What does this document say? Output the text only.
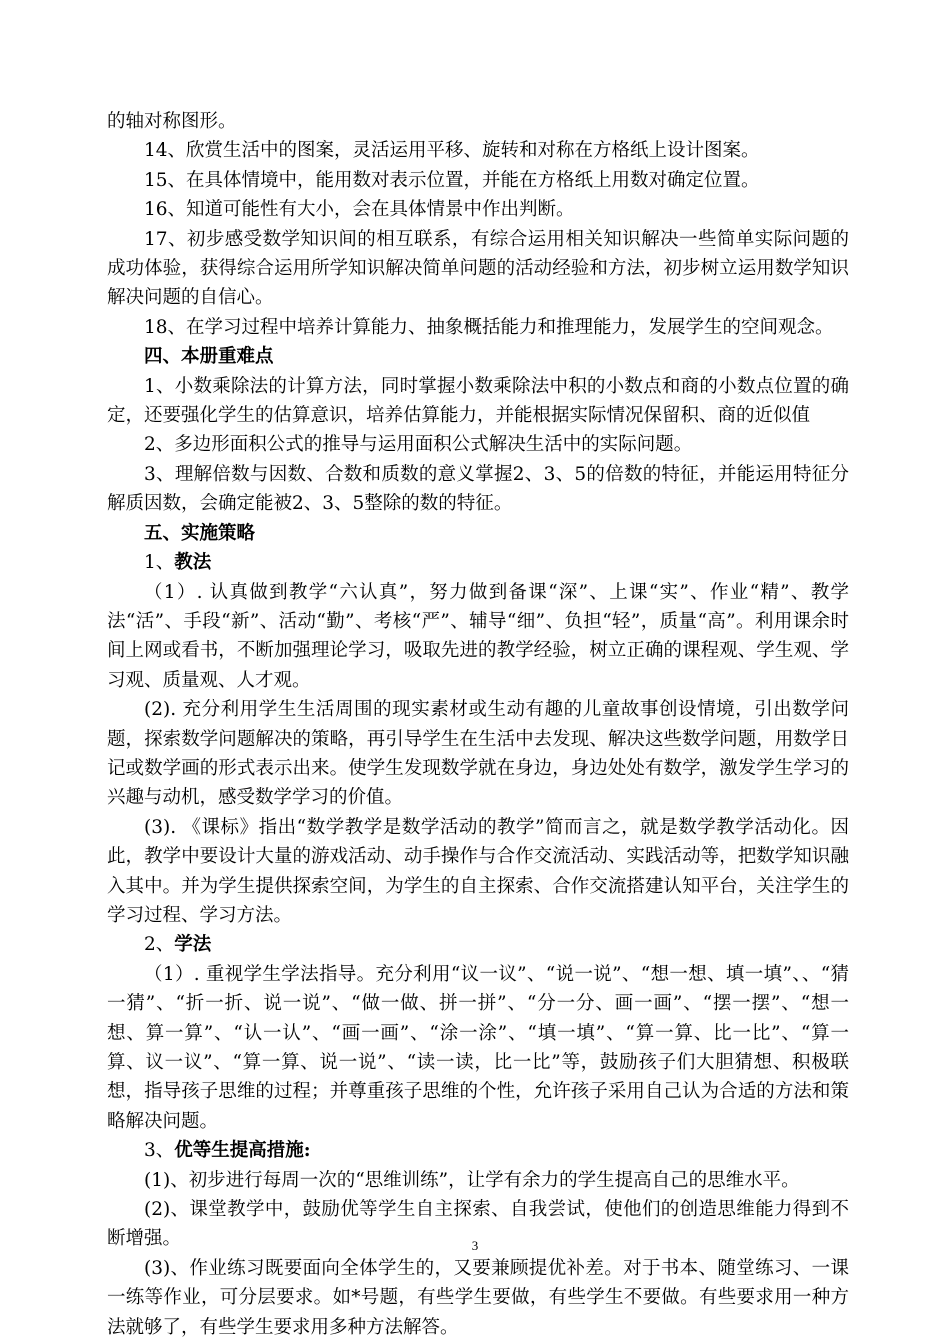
的轴对称图形。

14、欣赏生活中的图案，灵活运用平移、旋转和对称在方格纸上设计图案。

15、在具体情境中，能用数对表示位置，并能在方格纸上用数对确定位置。

16、知道可能性有大小，会在具体情景中作出判断。

17、初步感受数学知识间的相互联系，有综合运用相关知识解决一些简单实际问题的成功体验，获得综合运用所学知识解决简单问题的活动经验和方法，初步树立运用数学知识解决问题的自信心。

18、在学习过程中培养计算能力、抽象概括能力和推理能力，发展学生的空间观念。

四、本册重难点

1、小数乘除法的计算方法，同时掌握小数乘除法中积的小数点和商的小数点位置的确定，还要强化学生的估算意识，培养估算能力，并能根据实际情况保留积、商的近似值

2、多边形面积公式的推导与运用面积公式解决生活中的实际问题。

3、理解倍数与因数、合数和质数的意义掌握2、3、5的倍数的特征，并能运用特征分解质因数，会确定能被2、3、5整除的数的特征。

五、实施策略

1、教法

（1）. 认真做到教学“六认真”，努力做到备课“深”、上课“实”、作业“精”、教学法“活”、手段“新”、活动“勤”、考核“严”、辅导“细”、负担“轻”，质量“高”。利用课余时间上网或看书，不断加强理论学习，吸取先进的教学经验，树立正确的课程观、学生观、学习观、质量观、人才观。

(2). 充分利用学生生活周围的现实素材或生动有趣的儿童故事创设情境，引出数学问题，探索数学问题解决的策略，再引导学生在生活中去发现、解决这些数学问题，用数学日记或数学画的形式表示出来。使学生发现数学就在身边，身边处处有数学，激发学生学习的兴趣与动机，感受数学学习的价值。

(3). 《课标》指出“数学教学是数学活动的教学”简而言之，就是数学教学活动化。因此，教学中要设计大量的游戏活动、动手操作与合作交流活动、实践活动等，把数学知识融入其中。并为学生提供探索空间，为学生的自主探索、合作交流搭建认知平台，关注学生的学习过程、学习方法。

2、学法

（1）. 重视学生学法指导。充分利用“议一议”、“说一说”、“想一想、填一填”、、“猜一猜”、“折一折、说一说”、“做一做、拼一拼”、“分一分、画一画”、“摆一摆”、“想一想、算一算”、“认一认”、“画一画”、“涂一涂”、“填一填”、“算一算、比一比”、“算一算、议一议”、“算一算、说一说”、“读一读，比一比”等，鼓励孩子们大胆猜想、积极联想，指导孩子思维的过程；并尊重孩子思维的个性，允许孩子采用自己认为合适的方法和策略解决问题。

3、优等生提高措施:

(1)、初步进行每周一次的“思维训练”，让学有余力的学生提高自己的思维水平。

(2)、课堂教学中，鼓励优等学生自主探索、自我尝试，使他们的创造思维能力得到不断增强。

(3)、作业练习既要面向全体学生的，又要兼顾提优补差。对于书本、随堂练习、一课一练等作业，可分层要求。如*号题，有些学生要做，有些学生不要做。有些要求用一种方法就够了，有些学生要求用多种方法解答。

3
